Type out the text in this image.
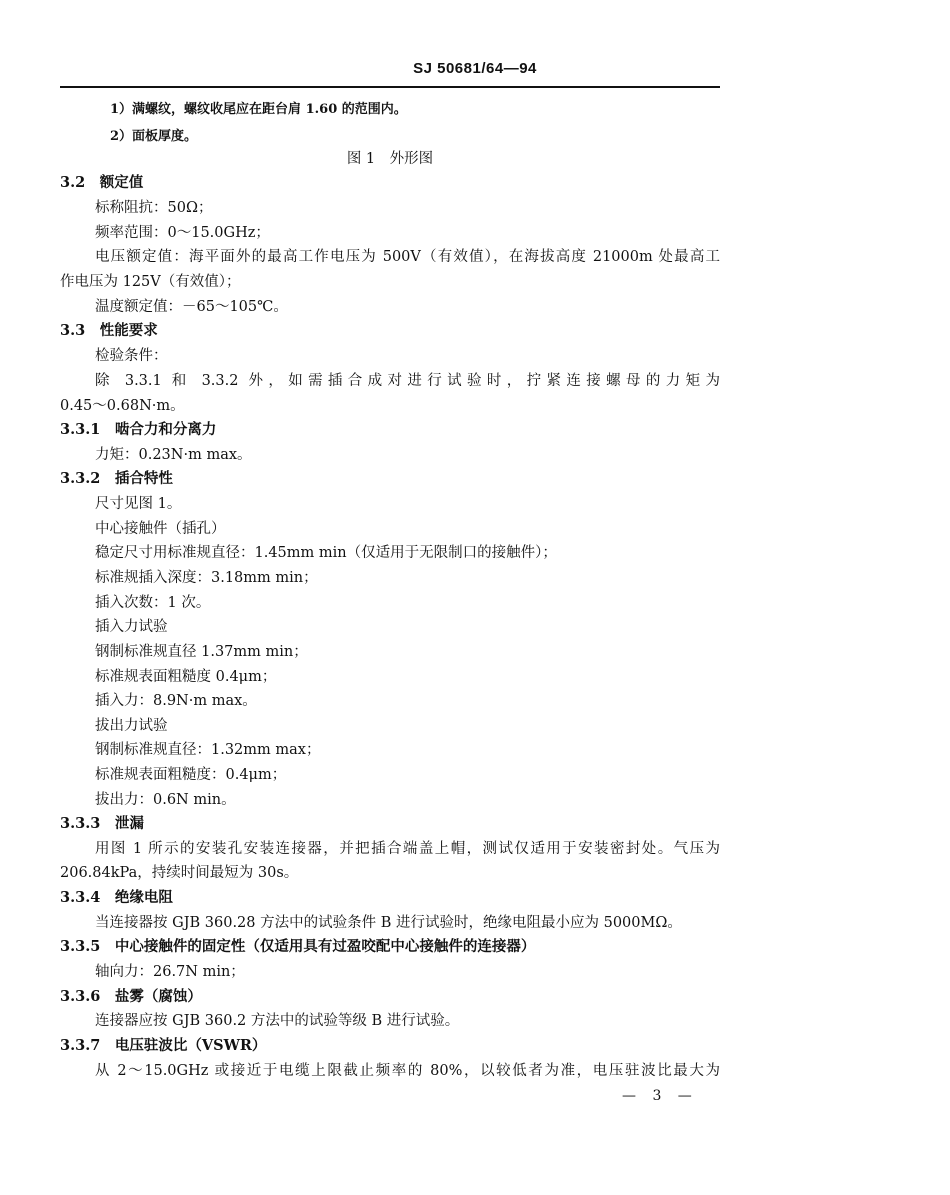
SJ 50681/64—94
1）满螺纹，螺纹收尾应在距台肩 1.60 的范围内。
2）面板厚度。
图 1　外形图
3.2　额定值
标称阻抗：50Ω；
频率范围：0～15.0GHz；
电压额定值：海平面外的最高工作电压为 500V（有效值），在海拔高度 21000m 处最高工
作电压为 125V（有效值）；
温度额定值：－65～105℃。
3.3　性能要求
检验条件：
除 3.3.1 和 3.3.2 外，如需插合成对进行试验时，拧紧连接螺母的力矩为
0.45～0.68N·m。
3.3.1　啮合力和分离力
力矩：0.23N·m max。
3.3.2　插合特性
尺寸见图 1。
中心接触件（插孔）
稳定尺寸用标准规直径：1.45mm min（仅适用于无限制口的接触件）；
标准规插入深度：3.18mm min；
插入次数：1 次。
插入力试验
钢制标准规直径 1.37mm min；
标准规表面粗糙度 0.4μm；
插入力：8.9N·m max。
拔出力试验
钢制标准规直径：1.32mm max；
标准规表面粗糙度：0.4μm；
拔出力：0.6N min。
3.3.3　泄漏
用图 1 所示的安装孔安装连接器，并把插合端盖上帽，测试仅适用于安装密封处。气压为
206.84kPa，持续时间最短为 30s。
3.3.4　绝缘电阻
当连接器按 GJB 360.28 方法中的试验条件 B 进行试验时，绝缘电阻最小应为 5000MΩ。
3.3.5　中心接触件的固定性（仅适用具有过盈咬配中心接触件的连接器）
轴向力：26.7N min；
3.3.6　盐雾（腐蚀）
连接器应按 GJB 360.2 方法中的试验等级 B 进行试验。
3.3.7　电压驻波比（VSWR）
从 2～15.0GHz 或接近于电缆上限截止频率的 80%，以较低者为准，电压驻波比最大为
— 3 —
